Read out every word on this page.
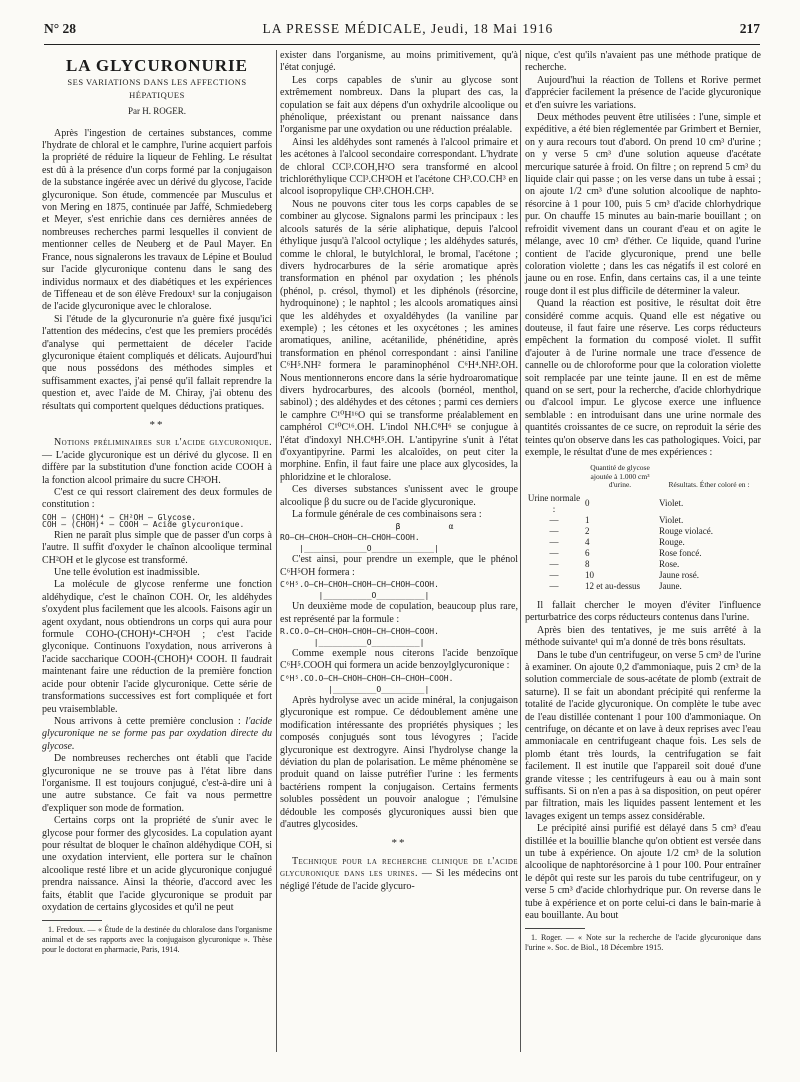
N° 28	LA PRESSE MÉDICALE, Jeudi, 18 Mai 1916	217
LA GLYCURONURIE
SES VARIATIONS DANS LES AFFECTIONS HÉPATIQUES
Par H. ROGER.

Après l'ingestion de certaines substances, comme l'hydrate de chloral et le camphre, l'urine acquiert parfois la propriété de réduire la liqueur de Fehling. Le résultat est dû à la présence d'un corps formé par la conjugaison de la substance ingérée avec un dérivé du glycose, l'acide glycuronique. Son étude, commencée par Musculus et von Mering en 1875, continuée par Jaffé, Schmiedeberg et Meyer, s'est enrichie dans ces dernières années de nombreuses recherches parmi lesquelles il convient de mentionner celles de Neuberg et de Paul Mayer. En France, nous signalerons les travaux de Lépine et Boulud sur l'acide glycuronique contenu dans le sang des individus normaux et des diabétiques et les expériences de Tiffeneau et de son élève Fredoux¹ sur la conjugaison de l'acide glycuronique avec le chloralose.

Si l'étude de la glycuronurie n'a guère fixé jusqu'ici l'attention des médecins, c'est que les premiers procédés d'analyse qui permettaient de déceler l'acide glycuronique étaient compliqués et délicats. Aujourd'hui que nous possédons des méthodes simples et suffisamment exactes, j'ai pensé qu'il fallait reprendre la question et, avec l'aide de M. Chiray, j'ai obtenu des résultats qui comportent quelques déductions pratiques.

**

Notions préliminaires sur l'acide glycuronique. — L'acide glycuronique est un dérivé du glycose. Il en diffère par la substitution d'une fonction acide COOH à la fonction alcool primaire du sucre CH²OH.

C'est ce qui ressort clairement des deux formules de constitution :

COH — (CHOH)⁴ — CH²OH — Glycose.

COH — (CHOH)⁴ — COOH — Acide glycuronique.

Rien ne paraît plus simple que de passer d'un corps à l'autre. Il suffit d'oxyder le chaînon alcoolique terminal CH²OH et le glycose est transformé.

Une telle évolution est inadmissible.

La molécule de glycose renferme une fonction aldéhydique, c'est le chaînon COH. Or, les aldéhydes s'oxydent plus facilement que les alcools. Faisons agir un agent oxydant, nous obtiendrons un corps qui aura pour formule COHO-(CHOH)⁴-CH²OH ; c'est l'acide glyconique. Continuons l'oxydation, nous arriverons à l'acide saccharique COOH-(CHOH)⁴ COOH. Il faudrait maintenant faire une réduction de la première fonction acide pour obtenir l'acide glycuronique. Cette série de transformations successives est fort compliquée et fort peu vraisemblable.

Nous arrivons à cette première conclusion : l'acide glycuronique ne se forme pas par oxydation directe du glycose.

De nombreuses recherches ont établi que l'acide glycuronique ne se trouve pas à l'état libre dans l'organisme. Il est toujours conjugué, c'est-à-dire uni à une autre substance. Ce fait va nous permettre d'expliquer son mode de formation.

Certains corps ont la propriété de s'unir avec le glycose pour former des glycosides. La copulation ayant pour résultat de bloquer le chaînon aldéhydique COH, si une oxydation intervient, elle portera sur le chaînon alcoolique resté libre et un acide glycuronique conjugué prendra naissance. Ainsi la théorie, d'accord avec les faits, établit que l'acide glycuronique se produit par oxydation de certains glycosides et qu'il ne peut

1. Fredoux. — « Étude de la destinée du chloralose dans l'organisme animal et de ses rapports avec la conjugaison glycuronique ». Thèse pour le doctorat en pharmacie, Paris, 1914.

exister dans l'organisme, au moins primitivement, qu'à l'état conjugé.

Les corps capables de s'unir au glycose sont extrêmement nombreux. Dans la plupart des cas, la copulation se fait aux dépens d'un oxhydrile alcoolique ou phénolique, préexistant ou prenant naissance dans l'organisme par une oxydation ou une réduction préalable.

Ainsi les aldéhydes sont ramenés à l'alcool primaire et les acétones à l'alcool secondaire correspondant. L'hydrate de chloral CCl³.COH,H²O sera transformé en alcool trichloréthylique CCl³.CH²OH et l'acétone CH³.CO.CH³ en alcool isopropylique CH³.CHOH.CH³.

Nous ne pouvons citer tous les corps capables de se combiner au glycose. Signalons parmi les principaux : les alcools saturés de la série aliphatique, depuis l'alcool éthylique jusqu'à l'alcool octylique ; les aldéhydes saturés, comme le chloral, le butylchloral, le bromal, l'acétone ; divers hydrocarbures de la série aromatique après transformation en phénol par oxydation ; les phénols (phénol, p. crésol, thymol) et les diphénols (résorcine, hydroquinone) ; le naphtol ; les alcools aromatiques ainsi que les aldéhydes et oxyaldéhydes (la vaniline par exemple) ; les cétones et les oxycétones ; les amines aromatiques, aniline, acétanilide, phénétidine, après transformation en phénol correspondant : ainsi l'aniline C⁶H⁵.NH² formera le paraminophénol C⁶H⁴.NH².OH. Nous mentionnerons encore dans la série hydroaromatique divers hydrocarbures, des alcools (bornéol, menthol, sabinol) ; des aldéhydes et des cétones ; parmi ces derniers le camphre C¹⁰H¹⁶O qui se transforme préalablement en camphérol C¹⁰C¹⁶.OH. L'indol NH.C⁸H⁶ se conjugue à l'état d'indoxyl NH.C⁸H⁵.OH. L'antipyrine s'unit à l'état d'oxyantipyrine. Parmi les alcaloïdes, on peut citer la morphine. Enfin, il faut faire une place aux glycosides, la phloridzine et le chloralose.

Ces diverses substances s'unissent avec le groupe alcoolique β du sucre ou de l'acide glycuronique.

La formule générale de ces combinaisons sera :

β          α
RO—CH—CHOH—CHOH—CH—CHOH—COOH.
|_____________O_____________|

C'est ainsi, pour prendre un exemple, que le phénol C⁶H⁵OH formera :

C⁶H⁵.O—CH—CHOH—CHOH—CH—CHOH—COOH.
|__________O__________|

Un deuxième mode de copulation, beaucoup plus rare, est représenté par la formule :

R.CO.O—CH—CHOH—CHOH—CH—CHOH—COOH.
|__________O__________|

Comme exemple nous citerons l'acide benzoïque C⁶H⁵.COOH qui formera un acide benzoylglycuronique :

C⁶H⁵.CO.O—CH—CHOH—CHOH—CH—CHOH—COOH.
|_________O_________|

Après hydrolyse avec un acide minéral, la conjugaison glycuronique est rompue. Ce dédoublement amène une modification intéressante des propriétés physiques ; les composés conjugués sont tous lévogyres ; l'acide glycuronique est dextrogyre. Ainsi l'hydrolyse change la déviation du plan de polarisation. Le même phénomène se produit quand on laisse putréfier l'urine : les ferments bactériens rompent la conjugaison. Certains ferments solubles possèdent un pouvoir analogue ; l'émulsine dédouble les composés glycuroniques aussi bien que d'autres glycosides.

**

Technique pour la recherche clinique de l'acide glycuronique dans les urines. — Si les médecins ont négligé l'étude de l'acide glycuro-

nique, c'est qu'ils n'avaient pas une méthode pratique de recherche.

Aujourd'hui la réaction de Tollens et Rorive permet d'apprécier facilement la présence de l'acide glycuronique et d'en suivre les variations.

Deux méthodes peuvent être utilisées : l'une, simple et expéditive, a été bien réglementée par Grimbert et Bernier, on y aura recours tout d'abord. On prend 10 cm³ d'urine ; on y verse 5 cm³ d'une solution aqueuse d'acétate mercurique saturée à froid. On filtre ; on reprend 5 cm³ du liquide clair qui passe ; on les verse dans un tube à essai ; on ajoute 1/2 cm³ d'une solution alcoolique de naphto-résorcine à 1 pour 100, puis 5 cm³ d'acide chlorhydrique pur. On chauffe 15 minutes au bain-marie bouillant ; on refroidit vivement dans un courant d'eau et on agite le mélange, avec 10 cm³ d'éther. Ce liquide, quand l'urine contient de l'acide glycuronique, prend une belle coloration violette ; dans les cas négatifs il est coloré en jaune ou en rose. Enfin, dans certains cas, il a une teinte rouge dont il est plus difficile de déterminer la valeur.

Quand la réaction est positive, le résultat doit être considéré comme acquis. Quand elle est négative ou douteuse, il faut faire une réserve. Les corps réducteurs empêchent la formation du composé violet. Il suffit d'ajouter à de l'urine normale une trace d'essence de cannelle ou de chloroforme pour que la coloration violette soit remplacée par une teinte jaune. Il en est de même quand on se sert, pour la recherche, d'acide chlorhydrique ou d'alcool impur. Le glycose exerce une influence semblable : en introduisant dans une urine normale des quantités croissantes de ce sucre, on reproduit la série des teintes qu'on observe dans les cas pathologiques. Voici, par exemple, le résultat d'une de mes expériences :

	Quantité de glycose ajoutée à 1.000 cm³ d'urine.	Résultats. Éther coloré en :
Urine normale :	0	Violet.
—	1	Violet.
—	2	Rouge violacé.
—	4	Rouge.
—	6	Rose foncé.
—	8	Rose.
—	10	Jaune rosé.
—	12 et au-dessus	Jaune.

Il fallait chercher le moyen d'éviter l'influence perturbatrice des corps réducteurs contenus dans l'urine.

Après bien des tentatives, je me suis arrêté à la méthode suivante¹ qui m'a donné de très bons résultats.

Dans le tube d'un centrifugeur, on verse 5 cm³ de l'urine à examiner. On ajoute 0,2 d'ammoniaque, puis 2 cm³ de la solution commerciale de sous-acétate de plomb (extrait de saturne). Il se fait un abondant précipité qui renferme la totalité de l'acide glycuronique. On complète le tube avec de l'eau distillée contenant 1 pour 100 d'ammoniaque. On centrifuge, on décante et on lave à deux reprises avec l'eau ammoniacale en centrifugeant chaque fois. Les sels de plomb étant très lourds, la centrifugation se fait facilement. Il est inutile que l'appareil soit doué d'une grande vitesse ; les centrifugeurs à eau ou à main sont suffisants. Si on n'en a pas à sa disposition, on peut opérer par filtration, mais les liquides passent lentement et les lavages exigent un temps assez considérable.

Le précipité ainsi purifié est délayé dans 5 cm³ d'eau distillée et la bouillie blanche qu'on obtient est versée dans un tube à expérience. On ajoute 1/2 cm³ de la solution alcoolique de naphtorésorcine à 1 pour 100. Pour entraîner le dépôt qui reste sur les parois du tube centrifugeur, on y verse 5 cm³ d'acide chlorhydrique pur. On reverse dans le tube à expérience et on porte celui-ci dans le bain-marie à eau bouillante. Au bout

1. Roger. — « Note sur la recherche de l'acide glycuronique dans l'urine ». Soc. de Biol., 18 Décembre 1915.
